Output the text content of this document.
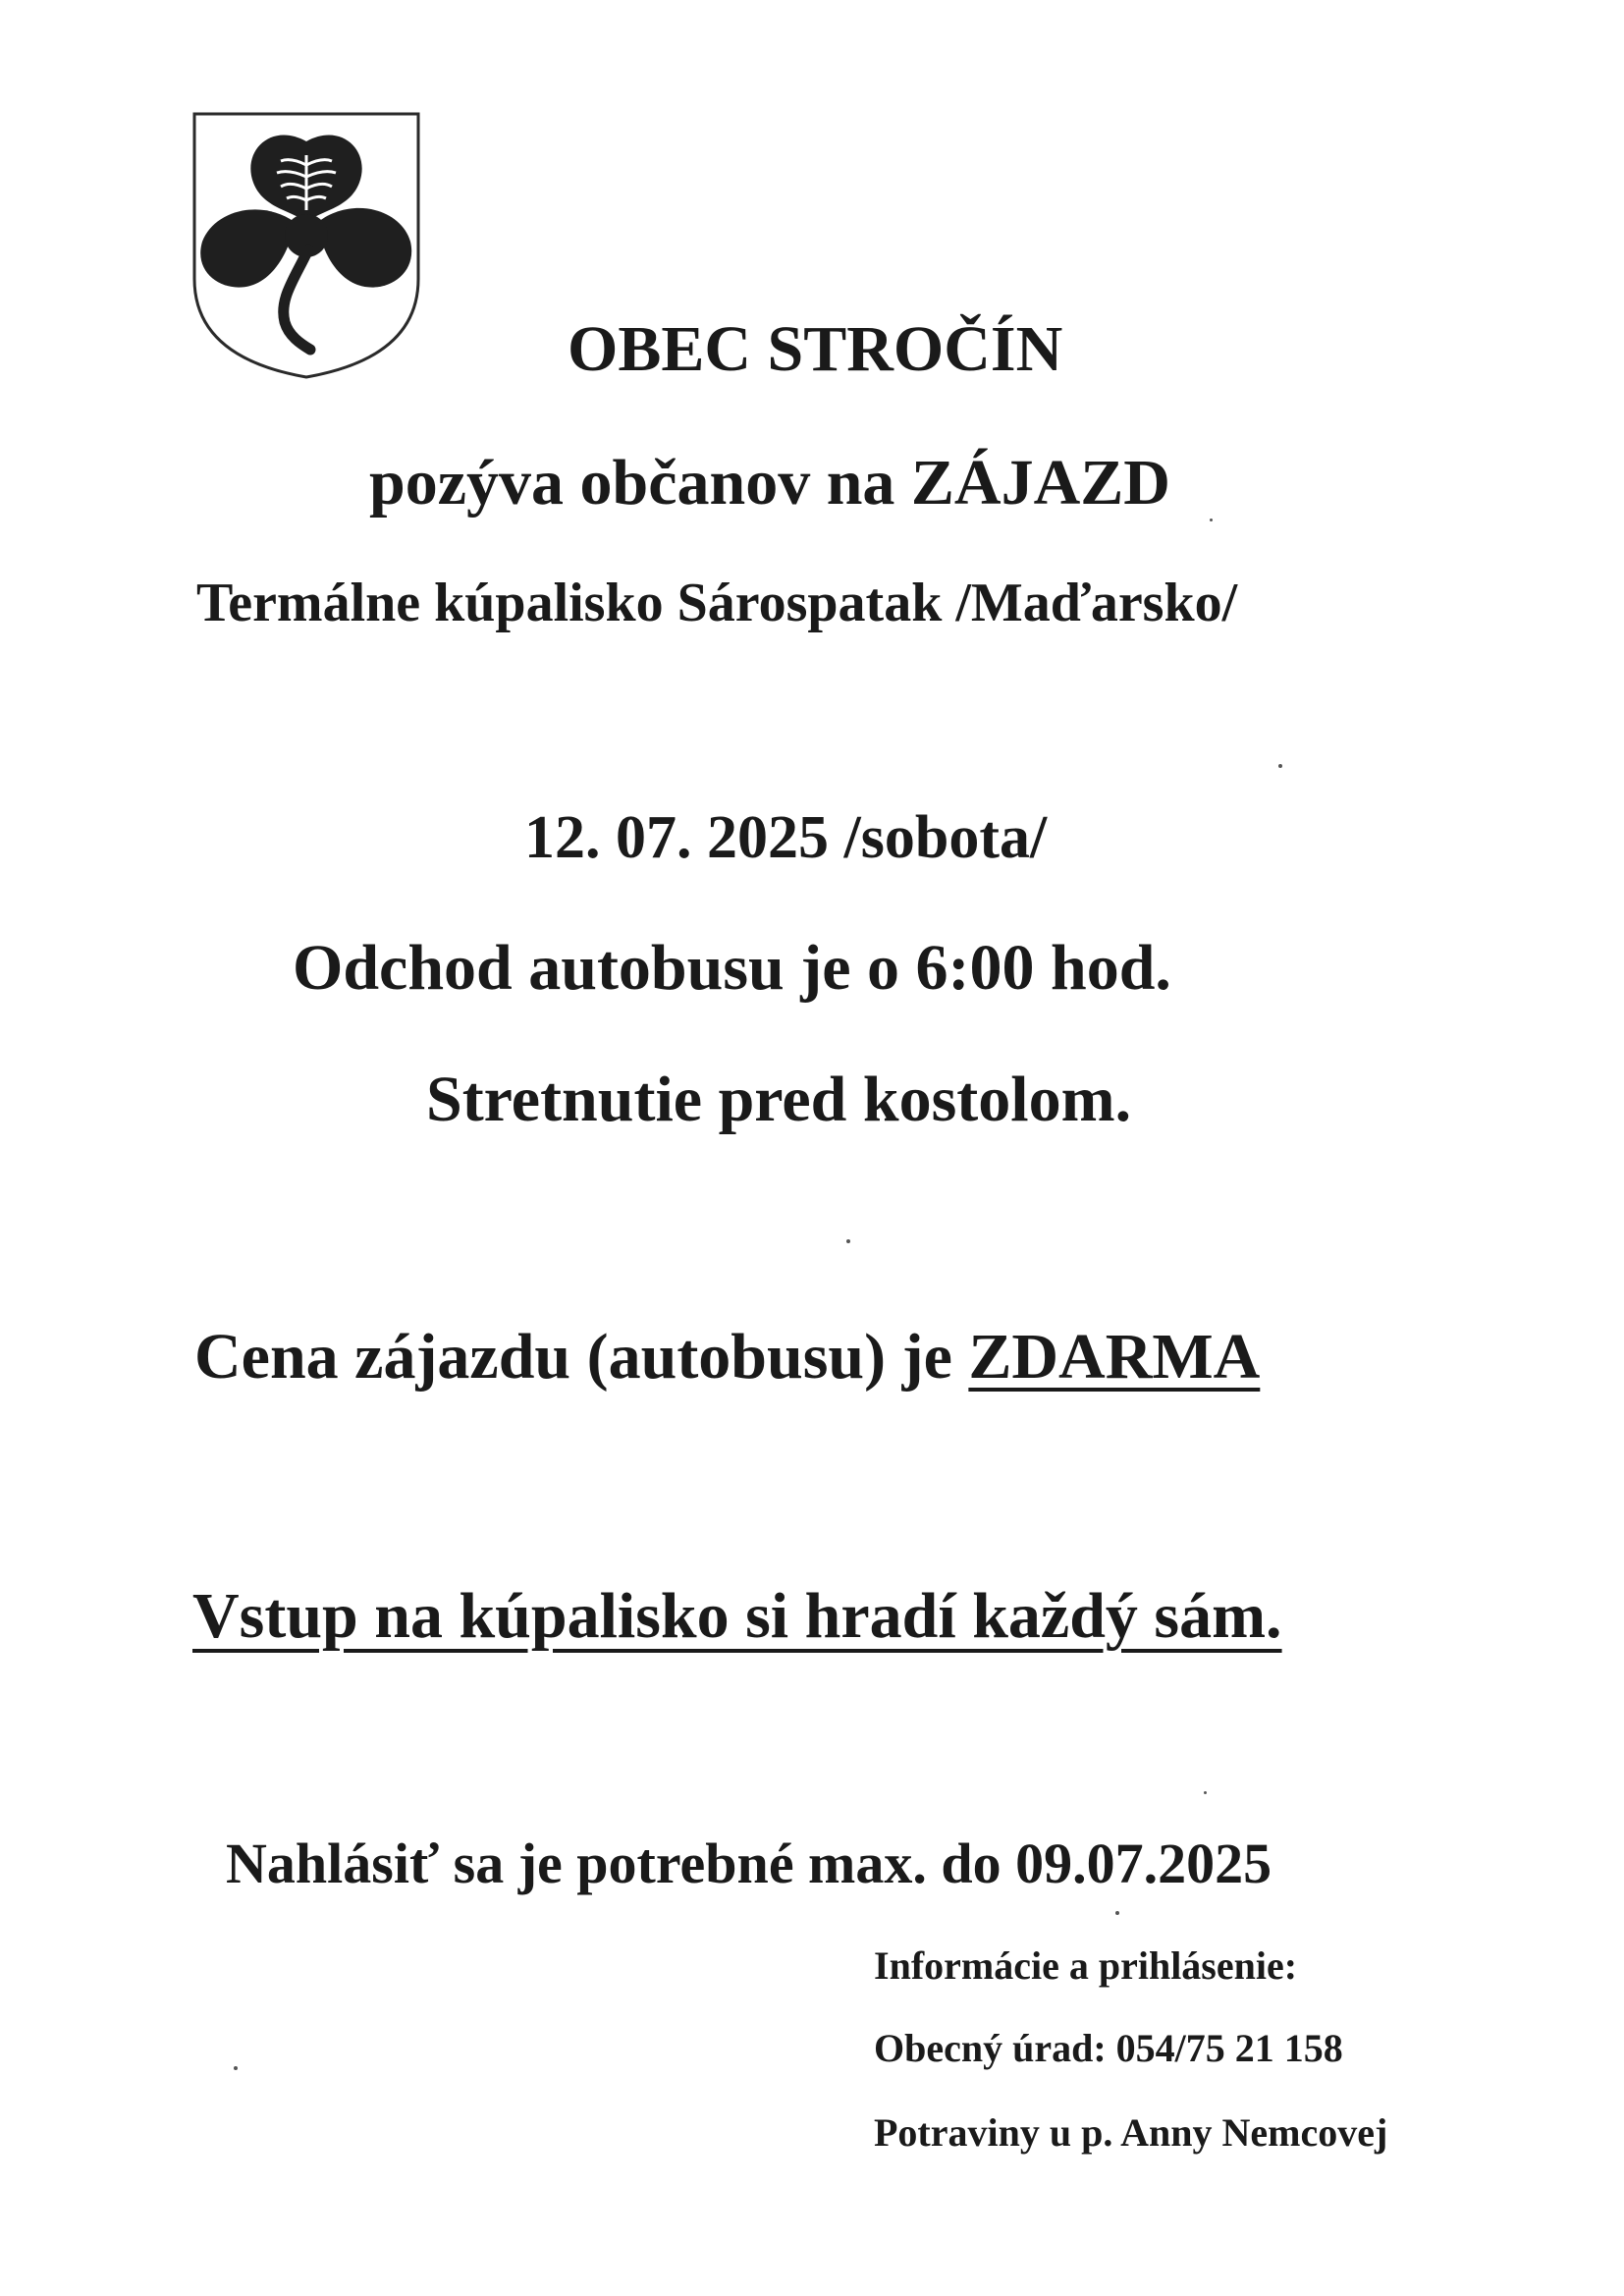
OBEC STROČÍN
pozýva občanov na ZÁJAZD
Termálne kúpalisko Sárospatak /Maďarsko/
12. 07. 2025 /sobota/
Odchod autobusu je o 6:00 hod.
Stretnutie pred kostolom.
Cena zájazdu (autobusu) je ZDARMA
Vstup na kúpalisko si hradí každý sám.
Nahlásiť sa je potrebné max. do 09.07.2025
Informácie a prihlásenie:
Obecný úrad: 054/75 21 158
Potraviny u p. Anny Nemcovej
